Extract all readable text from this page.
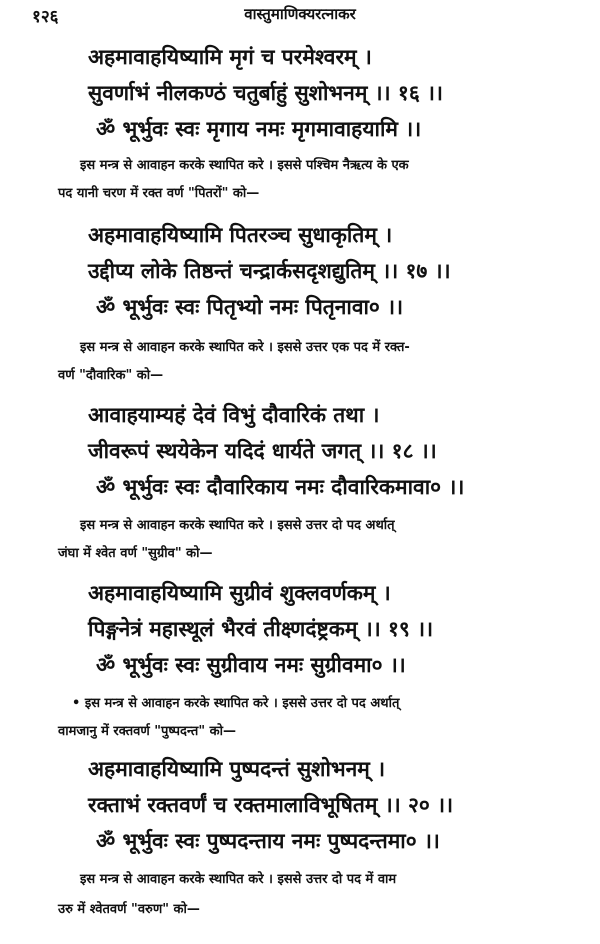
१२६	वास्तुमाणिक्यरत्नाकर
अहमावाहयिष्यामि मृगं च परमेश्वरम् ।
सुवर्णाभं नीलकण्ठं चतुर्बाहुं सुशोभनम् ।। १६ ।।
ॐ भूर्भुवः स्वः मृगाय नमः मृगमावाहयामि ।।
इस मन्त्र से आवाहन करके स्थापित करे । इससे पश्चिम नैऋत्य के एक
पद यानी चरण में रक्त वर्ण "पितरों" को—
अहमावाहयिष्यामि पितरञ्च सुधाकृतिम् ।
उद्दीप्य लोके तिष्ठन्तं चन्द्रार्कसदृशद्युतिम् ।। १७ ।।
ॐ भूर्भुवः स्वः पितृभ्यो नमः पितृनावा० ।।
इस मन्त्र से आवाहन करके स्थापित करे । इससे उत्तर एक पद में रक्त-
वर्ण "दौवारिक" को—
आवाहयाम्यहं देवं विभुं दौवारिकं तथा ।
जीवरूपं स्थयेकेन यदिदं धार्यते जगत् ।। १८ ।।
ॐ भूर्भुवः स्वः दौवारिकाय नमः दौवारिकमावा० ।।
इस मन्त्र से आवाहन करके स्थापित करे । इससे उत्तर दो पद अर्थात्
जंघा में श्वेत वर्ण "सुग्रीव" को—
अहमावाहयिष्यामि सुग्रीवं शुक्लवर्णकम् ।
पिङ्गनेत्रं महास्थूलं भैरवं तीक्ष्णदंष्ट्रकम् ।। १९ ।।
ॐ भूर्भुवः स्वः सुग्रीवाय नमः सुग्रीवमा० ।।
• इस मन्त्र से आवाहन करके स्थापित करे । इससे उत्तर दो पद अर्थात्
वामजानु में रक्तवर्ण "पुष्पदन्त" को—
अहमावाहयिष्यामि पुष्पदन्तं सुशोभनम् ।
रक्ताभं रक्तवर्णं च रक्तमालाविभूषितम् ।। २० ।।
ॐ भूर्भुवः स्वः पुष्पदन्ताय नमः पुष्पदन्तमा० ।।
इस मन्त्र से आवाहन करके स्थापित करे । इससे उत्तर दो पद में वाम
उरु में श्वेतवर्ण "वरुण" को—
